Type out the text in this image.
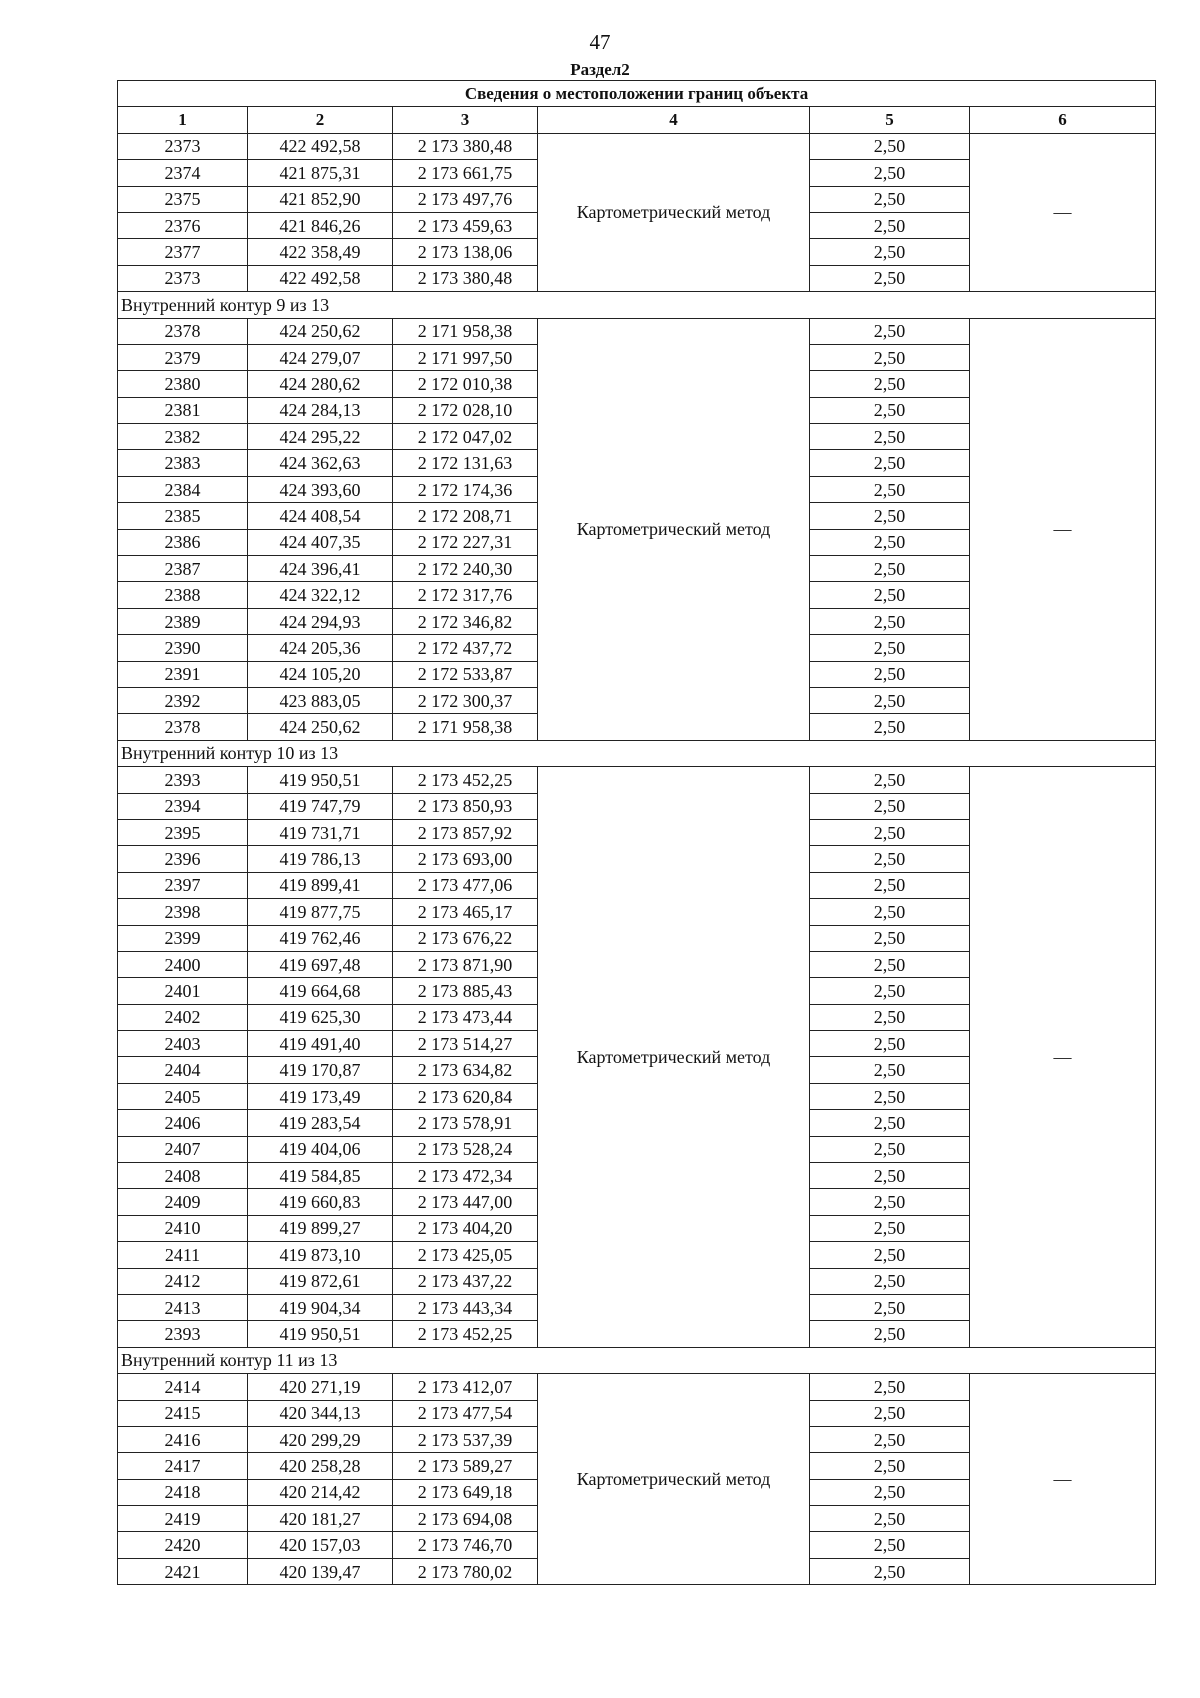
47
Раздел2
Сведения о местоположении границ объекта					
1	2	3	4	5	6
2373	422 492,58	2 173 380,48	Картометрический метод	2,50	—
2374	421 875,31	2 173 661,75		2,50	
2375	421 852,90	2 173 497,76		2,50	
2376	421 846,26	2 173 459,63		2,50	
2377	422 358,49	2 173 138,06		2,50	
2373	422 492,58	2 173 380,48		2,50	
Внутренний контур 9 из 13					
2378	424 250,62	2 171 958,38	Картометрический метод	2,50	—
2379	424 279,07	2 171 997,50		2,50	
2380	424 280,62	2 172 010,38		2,50	
2381	424 284,13	2 172 028,10		2,50	
2382	424 295,22	2 172 047,02		2,50	
2383	424 362,63	2 172 131,63		2,50	
2384	424 393,60	2 172 174,36		2,50	
2385	424 408,54	2 172 208,71		2,50	
2386	424 407,35	2 172 227,31		2,50	
2387	424 396,41	2 172 240,30		2,50	
2388	424 322,12	2 172 317,76		2,50	
2389	424 294,93	2 172 346,82		2,50	
2390	424 205,36	2 172 437,72		2,50	
2391	424 105,20	2 172 533,87		2,50	
2392	423 883,05	2 172 300,37		2,50	
2378	424 250,62	2 171 958,38		2,50	
Внутренний контур 10 из 13					
2393	419 950,51	2 173 452,25	Картометрический метод	2,50	—
2394	419 747,79	2 173 850,93		2,50	
2395	419 731,71	2 173 857,92		2,50	
2396	419 786,13	2 173 693,00		2,50	
2397	419 899,41	2 173 477,06		2,50	
2398	419 877,75	2 173 465,17		2,50	
2399	419 762,46	2 173 676,22		2,50	
2400	419 697,48	2 173 871,90		2,50	
2401	419 664,68	2 173 885,43		2,50	
2402	419 625,30	2 173 473,44		2,50	
2403	419 491,40	2 173 514,27		2,50	
2404	419 170,87	2 173 634,82		2,50	
2405	419 173,49	2 173 620,84		2,50	
2406	419 283,54	2 173 578,91		2,50	
2407	419 404,06	2 173 528,24		2,50	
2408	419 584,85	2 173 472,34		2,50	
2409	419 660,83	2 173 447,00		2,50	
2410	419 899,27	2 173 404,20		2,50	
2411	419 873,10	2 173 425,05		2,50	
2412	419 872,61	2 173 437,22		2,50	
2413	419 904,34	2 173 443,34		2,50	
2393	419 950,51	2 173 452,25		2,50	
Внутренний контур 11 из 13					
2414	420 271,19	2 173 412,07	Картометрический метод	2,50	—
2415	420 344,13	2 173 477,54		2,50	
2416	420 299,29	2 173 537,39		2,50	
2417	420 258,28	2 173 589,27		2,50	
2418	420 214,42	2 173 649,18		2,50	
2419	420 181,27	2 173 694,08		2,50	
2420	420 157,03	2 173 746,70		2,50	
2421	420 139,47	2 173 780,02		2,50	
